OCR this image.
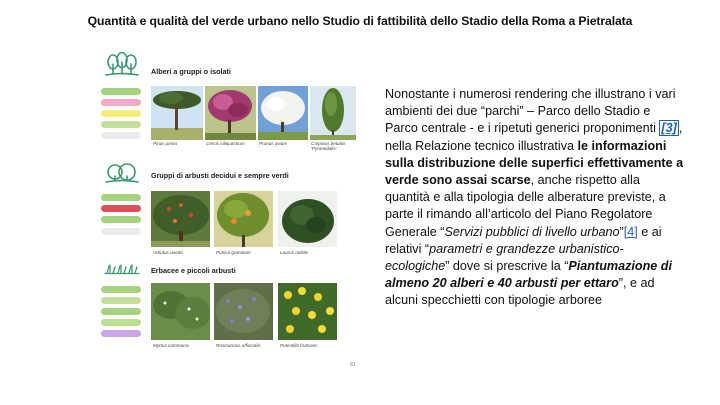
Quantità e qualità del verde urbano nello Studio di fattibilità dello Stadio della Roma a Pietralata
Alberi a gruppi o isolati
Pinus pinea	Cercis siliquastrum	Prunus avium	Carpinus betulus
'Pyramidalis'
Gruppi di arbusti decidui e sempre verdi
Arbutus unedo	Punica granatum	Laurus nobilis
Erbacee e piccoli arbusti
Myrtus communis	Rosmarinus officinalis	Potentilla fruticans
81
Nonostante i numerosi rendering che illustrano i vari ambienti dei due “parchi” – Parco dello Stadio e Parco centrale - e i ripetuti generici proponimenti [3] , nella Relazione tecnico illustrativa le informazioni sulla distribuzione delle superfici effettivamente a verde sono assai scarse, anche rispetto alla quantità e alla tipologia delle alberature previste, a parte il rimando all’articolo del Piano Regolatore Generale “Servizi pubblici di livello urbano”[4] e ai relativi “parametri e grandezze urbanistico- ecologiche” dove si prescrive la “Piantumazione di almeno 20 alberi e 40 arbusti per ettaro”, e ad alcuni specchietti con tipologie arboree
